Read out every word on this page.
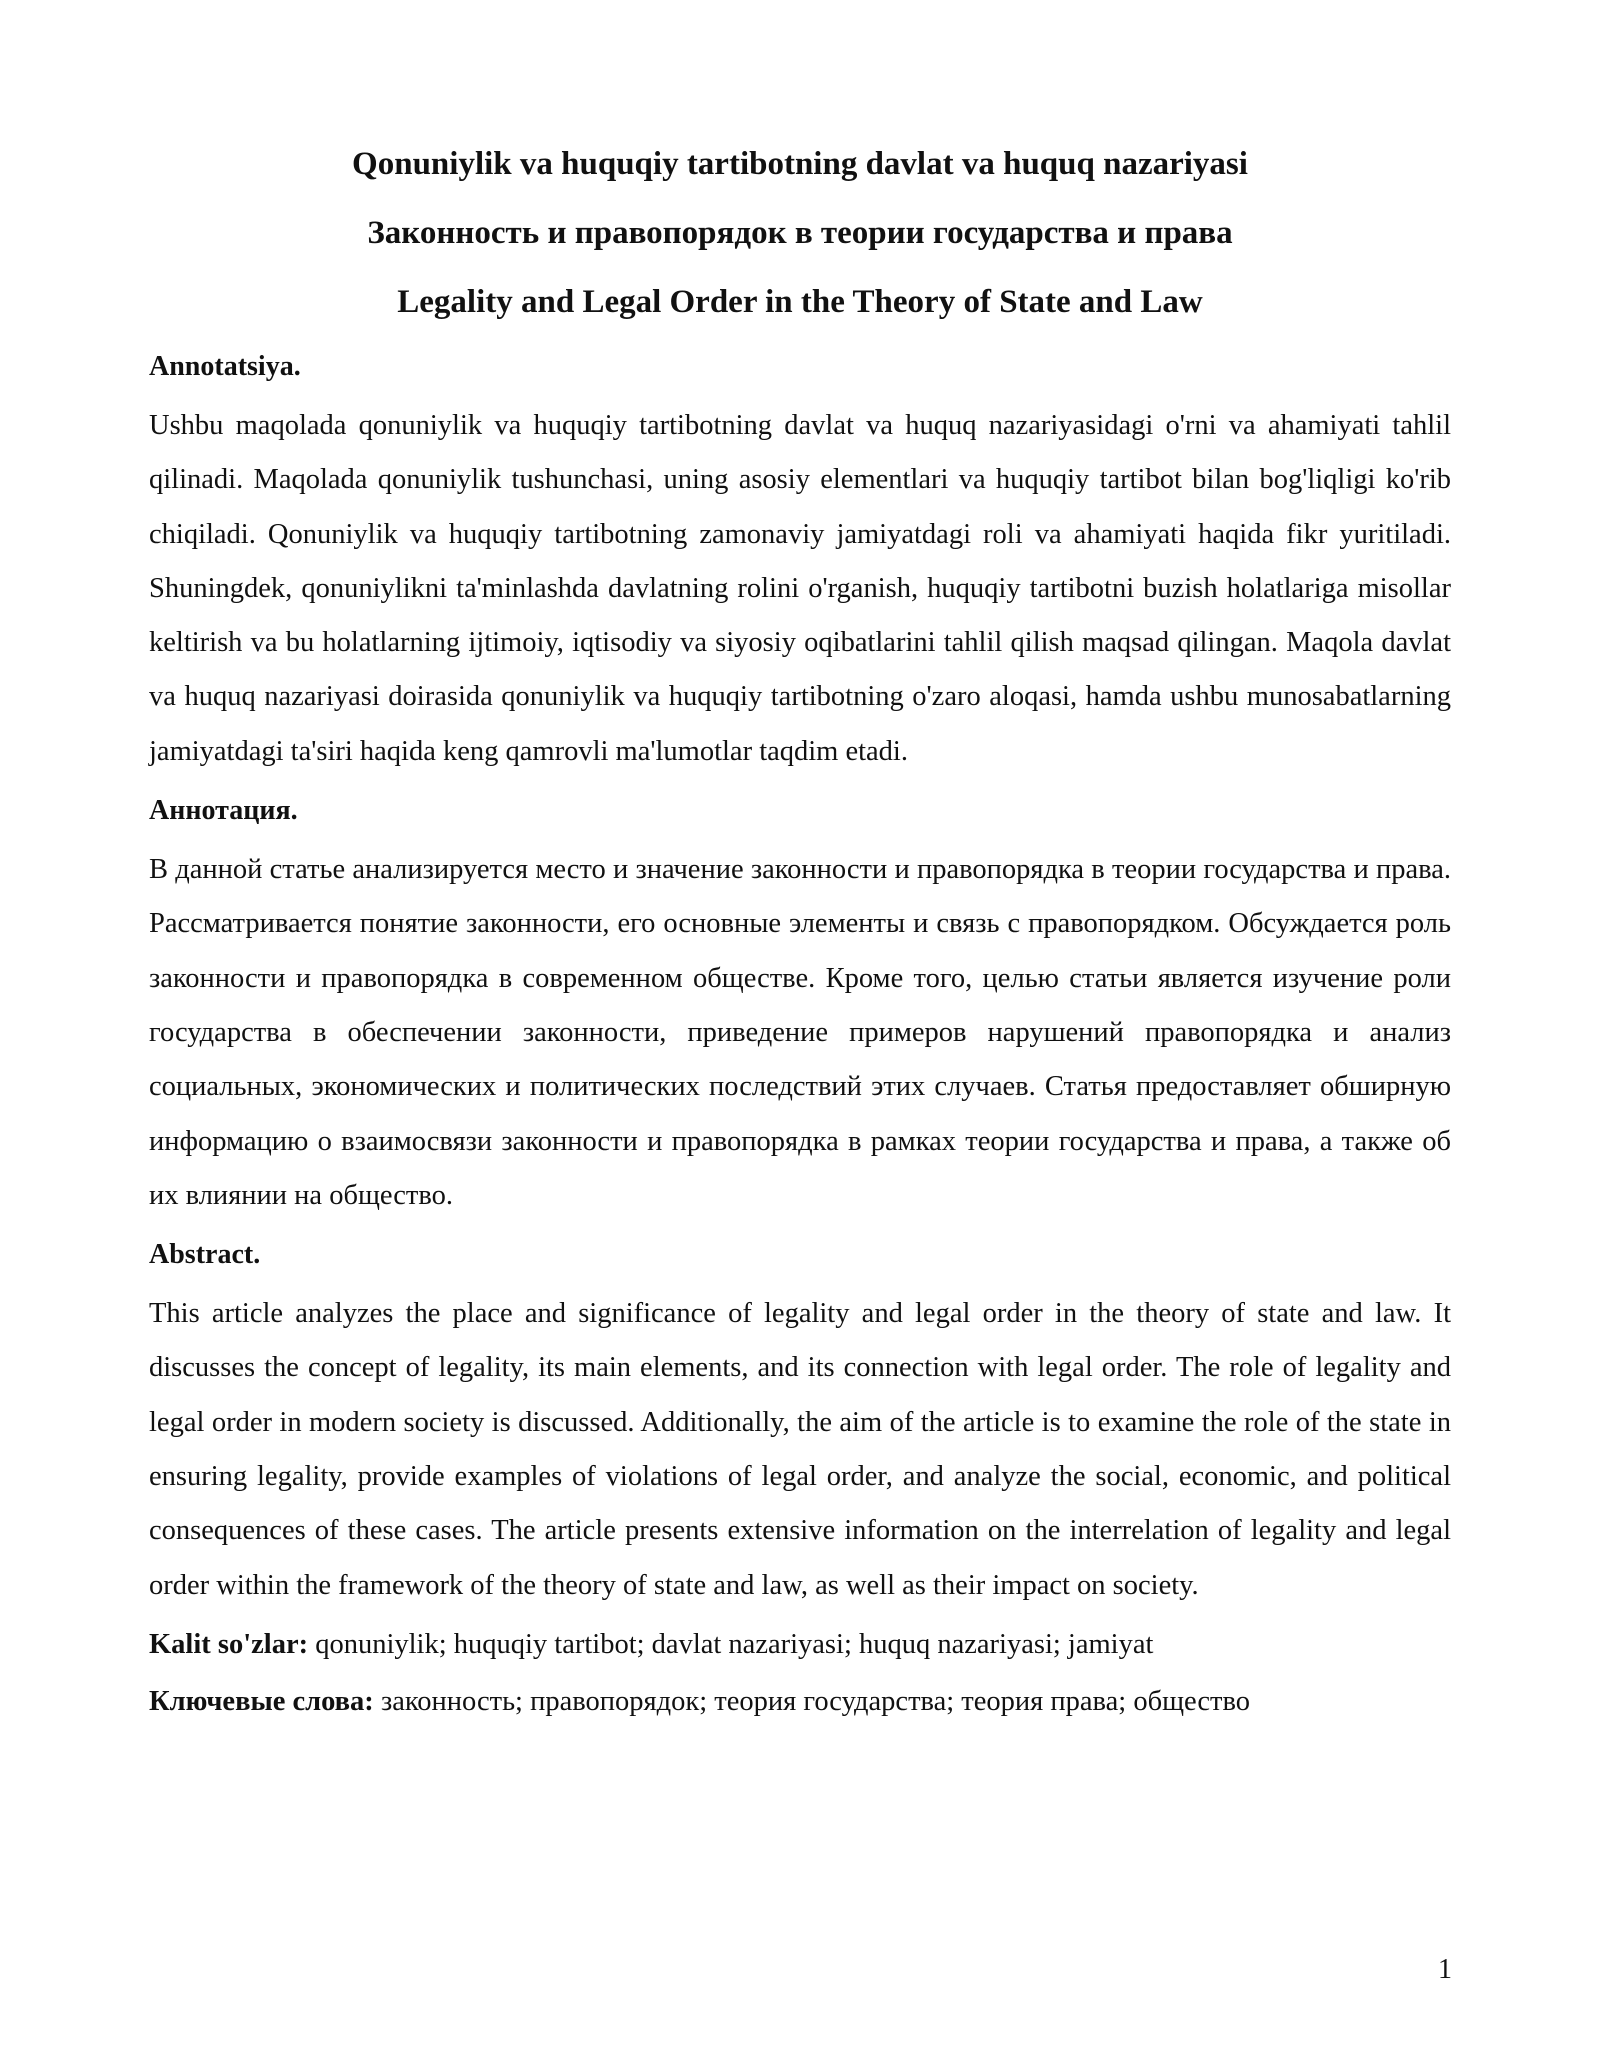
Qonuniylik va huquqiy tartibotning davlat va huquq nazariyasi
Законность и правопорядок в теории государства и права
Legality and Legal Order in the Theory of State and Law
Annotatsiya.

Ushbu maqolada qonuniylik va huquqiy tartibotning davlat va huquq nazariyasidagi o'rni va ahamiyati tahlil qilinadi. Maqolada qonuniylik tushunchasi, uning asosiy elementlari va huquqiy tartibot bilan bog'liqligi ko'rib chiqiladi. Qonuniylik va huquqiy tartibotning zamonaviy jamiyatdagi roli va ahamiyati haqida fikr yuritiladi. Shuningdek, qonuniylikni ta'minlashda davlatning rolini o'rganish, huquqiy tartibotni buzish holatlariga misollar keltirish va bu holatlarning ijtimoiy, iqtisodiy va siyosiy oqibatlarini tahlil qilish maqsad qilingan. Maqola davlat va huquq nazariyasi doirasida qonuniylik va huquqiy tartibotning o'zaro aloqasi, hamda ushbu munosabatlarning jamiyatdagi ta'siri haqida keng qamrovli ma'lumotlar taqdim etadi.

Аннотация.

В данной статье анализируется место и значение законности и правопорядка в теории государства и права. Рассматривается понятие законности, его основные элементы и связь с правопорядком. Обсуждается роль законности и правопорядка в современном обществе. Кроме того, целью статьи является изучение роли государства в обеспечении законности, приведение примеров нарушений правопорядка и анализ социальных, экономических и политических последствий этих случаев. Статья предоставляет обширную информацию о взаимосвязи законности и правопорядка в рамках теории государства и права, а также об их влиянии на общество.

Abstract.

This article analyzes the place and significance of legality and legal order in the theory of state and law. It discusses the concept of legality, its main elements, and its connection with legal order. The role of legality and legal order in modern society is discussed. Additionally, the aim of the article is to examine the role of the state in ensuring legality, provide examples of violations of legal order, and analyze the social, economic, and political consequences of these cases. The article presents extensive information on the interrelation of legality and legal order within the framework of the theory of state and law, as well as their impact on society.

Kalit so'zlar: qonuniylik; huquqiy tartibot; davlat nazariyasi; huquq nazariyasi; jamiyat
Ключевые слова: законность; правопорядок; теория государства; теория права; общество
1
